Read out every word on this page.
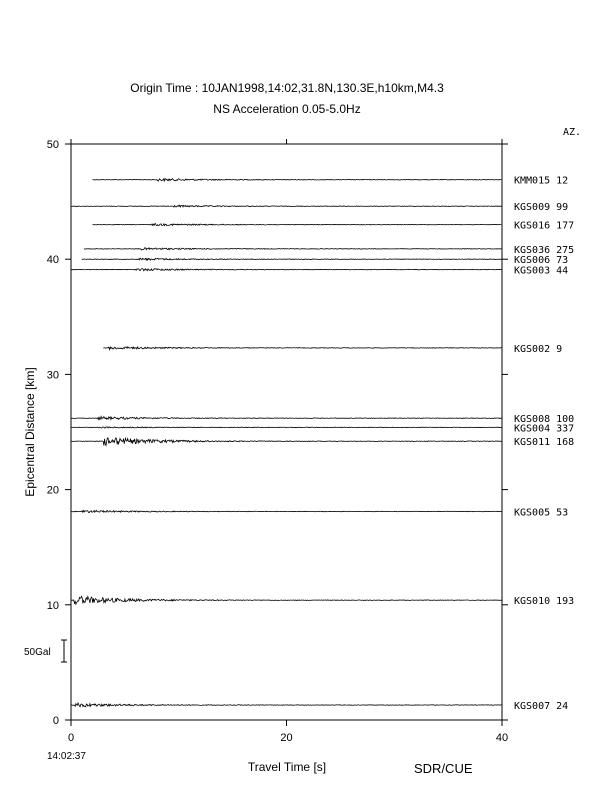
Origin Time : 10JAN1998,14:02,31.8N,130.3E,h10km,M4.3
NS Acceleration 0.05-5.0Hz
AZ.
KMM015 12
KGS009 99
KGS016 177
KGS036 275
KGS006 73
KGS003 44
KGS002 9
KGS008 100
KGS004 337
KGS011 168
KGS005 53
KGS010 193
KGS007 24
0
10
20
30
40
50
0	20	40
Epicentral Distance [km]
Travel Time [s]
14:02:37
SDR/CUE
50Gal
